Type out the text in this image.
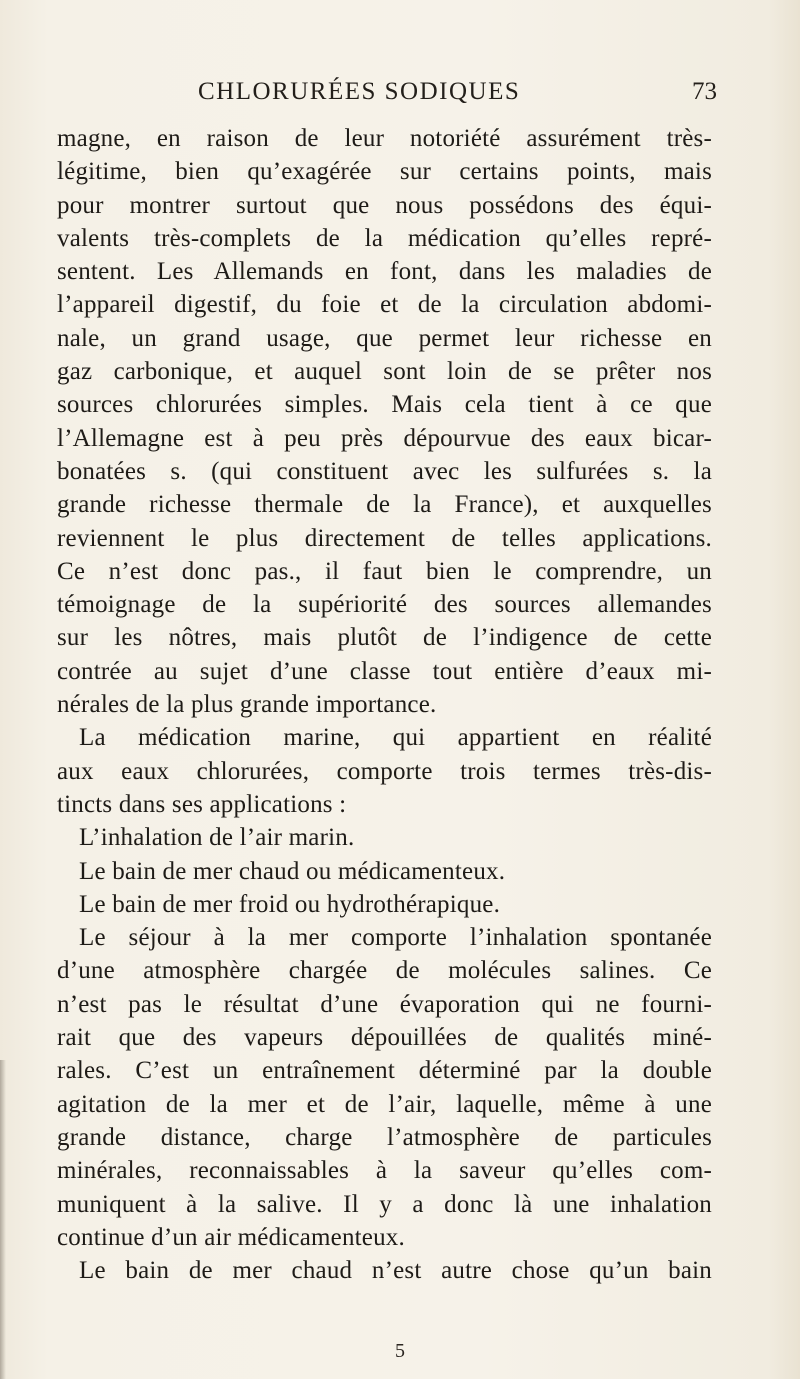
CHLORURÉES SODIQUES	73
magne, en raison de leur notoriété assurément très-
légitime, bien qu’exagérée sur certains points, mais
pour montrer surtout que nous possédons des équi-
valents très-complets de la médication qu’elles repré-
sentent. Les Allemands en font, dans les maladies de
l’appareil digestif, du foie et de la circulation abdomi-
nale, un grand usage, que permet leur richesse en
gaz carbonique, et auquel sont loin de se prêter nos
sources chlorurées simples. Mais cela tient à ce que
l’Allemagne est à peu près dépourvue des eaux bicar-
bonatées s. (qui constituent avec les sulfurées s. la
grande richesse thermale de la France), et auxquelles
reviennent le plus directement de telles applications.
Ce n’est donc pas., il faut bien le comprendre, un
témoignage de la supériorité des sources allemandes
sur les nôtres, mais plutôt de l’indigence de cette
contrée au sujet d’une classe tout entière d’eaux mi-
nérales de la plus grande importance.
La médication marine, qui appartient en réalité
aux eaux chlorurées, comporte trois termes très-dis-
tincts dans ses applications :
L’inhalation de l’air marin.
Le bain de mer chaud ou médicamenteux.
Le bain de mer froid ou hydrothérapique.
Le séjour à la mer comporte l’inhalation spontanée
d’une atmosphère chargée de molécules salines. Ce
n’est pas le résultat d’une évaporation qui ne fourni-
rait que des vapeurs dépouillées de qualités miné-
rales. C’est un entraînement déterminé par la double
agitation de la mer et de l’air, laquelle, même à une
grande distance, charge l’atmosphère de particules
minérales, reconnaissables à la saveur qu’elles com-
muniquent à la salive. Il y a donc là une inhalation
continue d’un air médicamenteux.
Le bain de mer chaud n’est autre chose qu’un bain
5
